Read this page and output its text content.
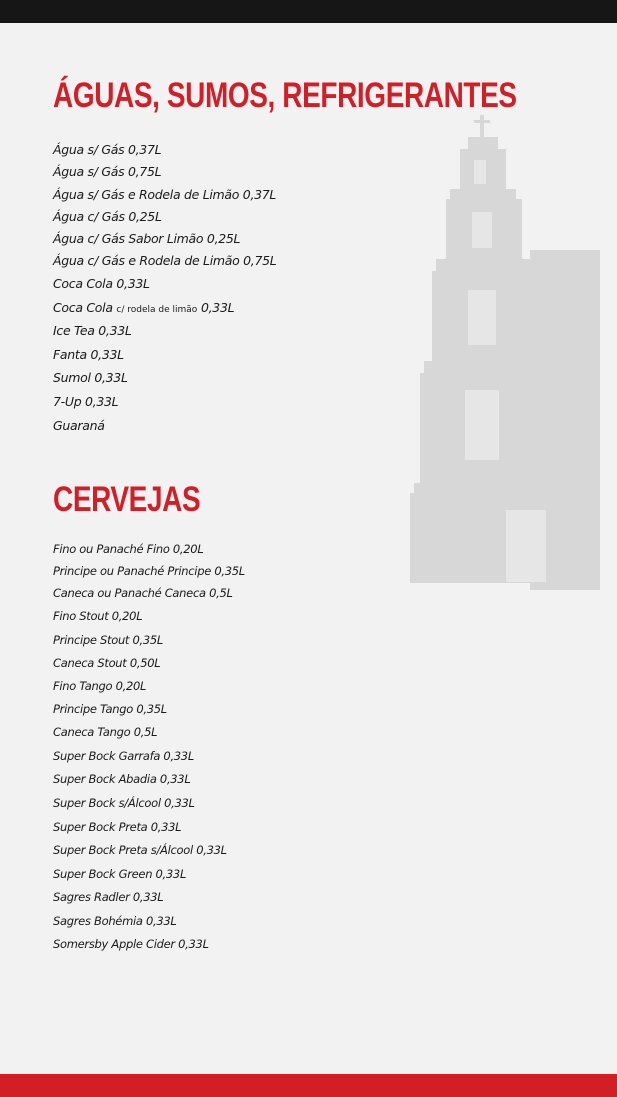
ÁGUAS, SUMOS, REFRIGERANTES
Água s/ Gás 0,37L
Água s/ Gás 0,75L
Água s/ Gás e Rodela de Limão 0,37L
Água c/ Gás 0,25L
Água c/ Gás Sabor Limão 0,25L
Água c/ Gás e Rodela de Limão 0,75L
Coca Cola 0,33L
Coca Cola c/ rodela de limão 0,33L
Ice Tea 0,33L
Fanta 0,33L
Sumol 0,33L
7-Up 0,33L
Guaraná
CERVEJAS
Fino ou Panaché Fino 0,20L
Principe ou Panaché Principe 0,35L
Caneca ou Panaché Caneca 0,5L
Fino Stout 0,20L
Principe Stout 0,35L
Caneca Stout 0,50L
Fino Tango 0,20L
Principe Tango 0,35L
Caneca Tango 0,5L
Super Bock Garrafa 0,33L
Super Bock Abadia 0,33L
Super Bock s/Álcool 0,33L
Super Bock Preta 0,33L
Super Bock Preta s/Álcool 0,33L
Super Bock Green 0,33L
Sagres Radler 0,33L
Sagres Bohémia 0,33L
Somersby Apple Cider 0,33L
